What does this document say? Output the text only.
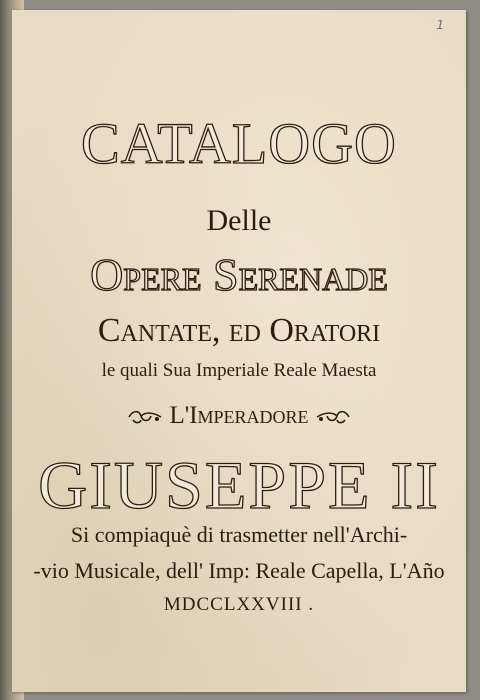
1
CATALOGO
Delle
Opere Serenade
Cantate, ed Oratori
le quali Sua Imperiale Reale Maesta
L'Imperadore
GIUSEPPE II
Si compiaquè di trasmetter nell'Archi-
-vio Musicale, dell' Imp: Reale Capella, L'Año
MDCCLXXVIII .
